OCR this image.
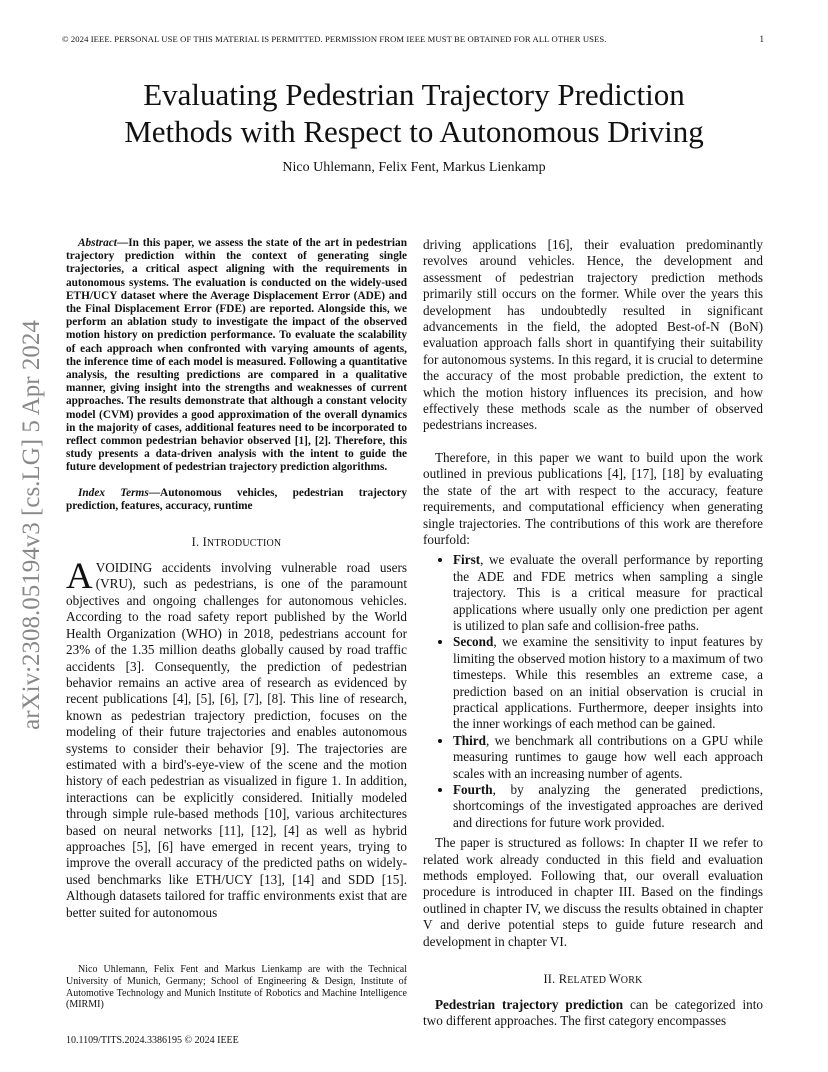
© 2024 IEEE. PERSONAL USE OF THIS MATERIAL IS PERMITTED. PERMISSION FROM IEEE MUST BE OBTAINED FOR ALL OTHER USES.	1
Evaluating Pedestrian Trajectory Prediction
Methods with Respect to Autonomous Driving
Nico Uhlemann, Felix Fent, Markus Lienkamp
arXiv:2308.05194v3 [cs.LG] 5 Apr 2024

Abstract—In this paper, we assess the state of the art in pedestrian trajectory prediction within the context of generating single trajectories, a critical aspect aligning with the requirements in autonomous systems. The evaluation is conducted on the widely-used ETH/UCY dataset where the Average Displacement Error (ADE) and the Final Displacement Error (FDE) are reported. Alongside this, we perform an ablation study to investigate the impact of the observed motion history on prediction performance. To evaluate the scalability of each approach when confronted with varying amounts of agents, the inference time of each model is measured. Following a quantitative analysis, the resulting predictions are compared in a qualitative manner, giving insight into the strengths and weaknesses of current approaches. The results demonstrate that although a constant velocity model (CVM) provides a good approximation of the overall dynamics in the majority of cases, additional features need to be incorporated to reflect common pedestrian behavior observed [1], [2]. Therefore, this study presents a data-driven analysis with the intent to guide the future development of pedestrian trajectory prediction algorithms.

Index Terms—Autonomous vehicles, pedestrian trajectory prediction, features, accuracy, runtime

I. INTRODUCTION

AVOIDING accidents involving vulnerable road users (VRU), such as pedestrians, is one of the paramount objectives and ongoing challenges for autonomous vehicles. According to the road safety report published by the World Health Organization (WHO) in 2018, pedestrians account for 23% of the 1.35 million deaths globally caused by road traffic accidents [3]. Consequently, the prediction of pedestrian behavior remains an active area of research as evidenced by recent publications [4], [5], [6], [7], [8]. This line of research, known as pedestrian trajectory prediction, focuses on the modeling of their future trajectories and enables autonomous systems to consider their behavior [9]. The trajectories are estimated with a bird's-eye-view of the scene and the motion history of each pedestrian as visualized in figure 1. In addition, interactions can be explicitly considered. Initially modeled through simple rule-based methods [10], various architectures based on neural networks [11], [12], [4] as well as hybrid approaches [5], [6] have emerged in recent years, trying to improve the overall accuracy of the predicted paths on widely-used benchmarks like ETH/UCY [13], [14] and SDD [15]. Although datasets tailored for traffic environments exist that are better suited for autonomous

Nico Uhlemann, Felix Fent and Markus Lienkamp are with the Technical University of Munich, Germany; School of Engineering & Design, Institute of Automotive Technology and Munich Institute of Robotics and Machine Intelligence (MIRMI)
10.1109/TITS.2024.3386195 © 2024 IEEE

driving applications [16], their evaluation predominantly revolves around vehicles. Hence, the development and assessment of pedestrian trajectory prediction methods primarily still occurs on the former. While over the years this development has undoubtedly resulted in significant advancements in the field, the adopted Best-of-N (BoN) evaluation approach falls short in quantifying their suitability for autonomous systems. In this regard, it is crucial to determine the accuracy of the most probable prediction, the extent to which the motion history influences its precision, and how effectively these methods scale as the number of observed pedestrians increases.

Therefore, in this paper we want to build upon the work outlined in previous publications [4], [17], [18] by evaluating the state of the art with respect to the accuracy, feature requirements, and computational efficiency when generating single trajectories. The contributions of this work are therefore fourfold:

• First, we evaluate the overall performance by reporting the ADE and FDE metrics when sampling a single trajectory. This is a critical measure for practical applications where usually only one prediction per agent is utilized to plan safe and collision-free paths.
• Second, we examine the sensitivity to input features by limiting the observed motion history to a maximum of two timesteps. While this resembles an extreme case, a prediction based on an initial observation is crucial in practical applications. Furthermore, deeper insights into the inner workings of each method can be gained.
• Third, we benchmark all contributions on a GPU while measuring runtimes to gauge how well each approach scales with an increasing number of agents.
• Fourth, by analyzing the generated predictions, shortcomings of the investigated approaches are derived and directions for future work provided.

The paper is structured as follows: In chapter II we refer to related work already conducted in this field and evaluation methods employed. Following that, our overall evaluation procedure is introduced in chapter III. Based on the findings outlined in chapter IV, we discuss the results obtained in chapter V and derive potential steps to guide future research and development in chapter VI.

II. RELATED WORK

Pedestrian trajectory prediction can be categorized into two different approaches. The first category encompasses
